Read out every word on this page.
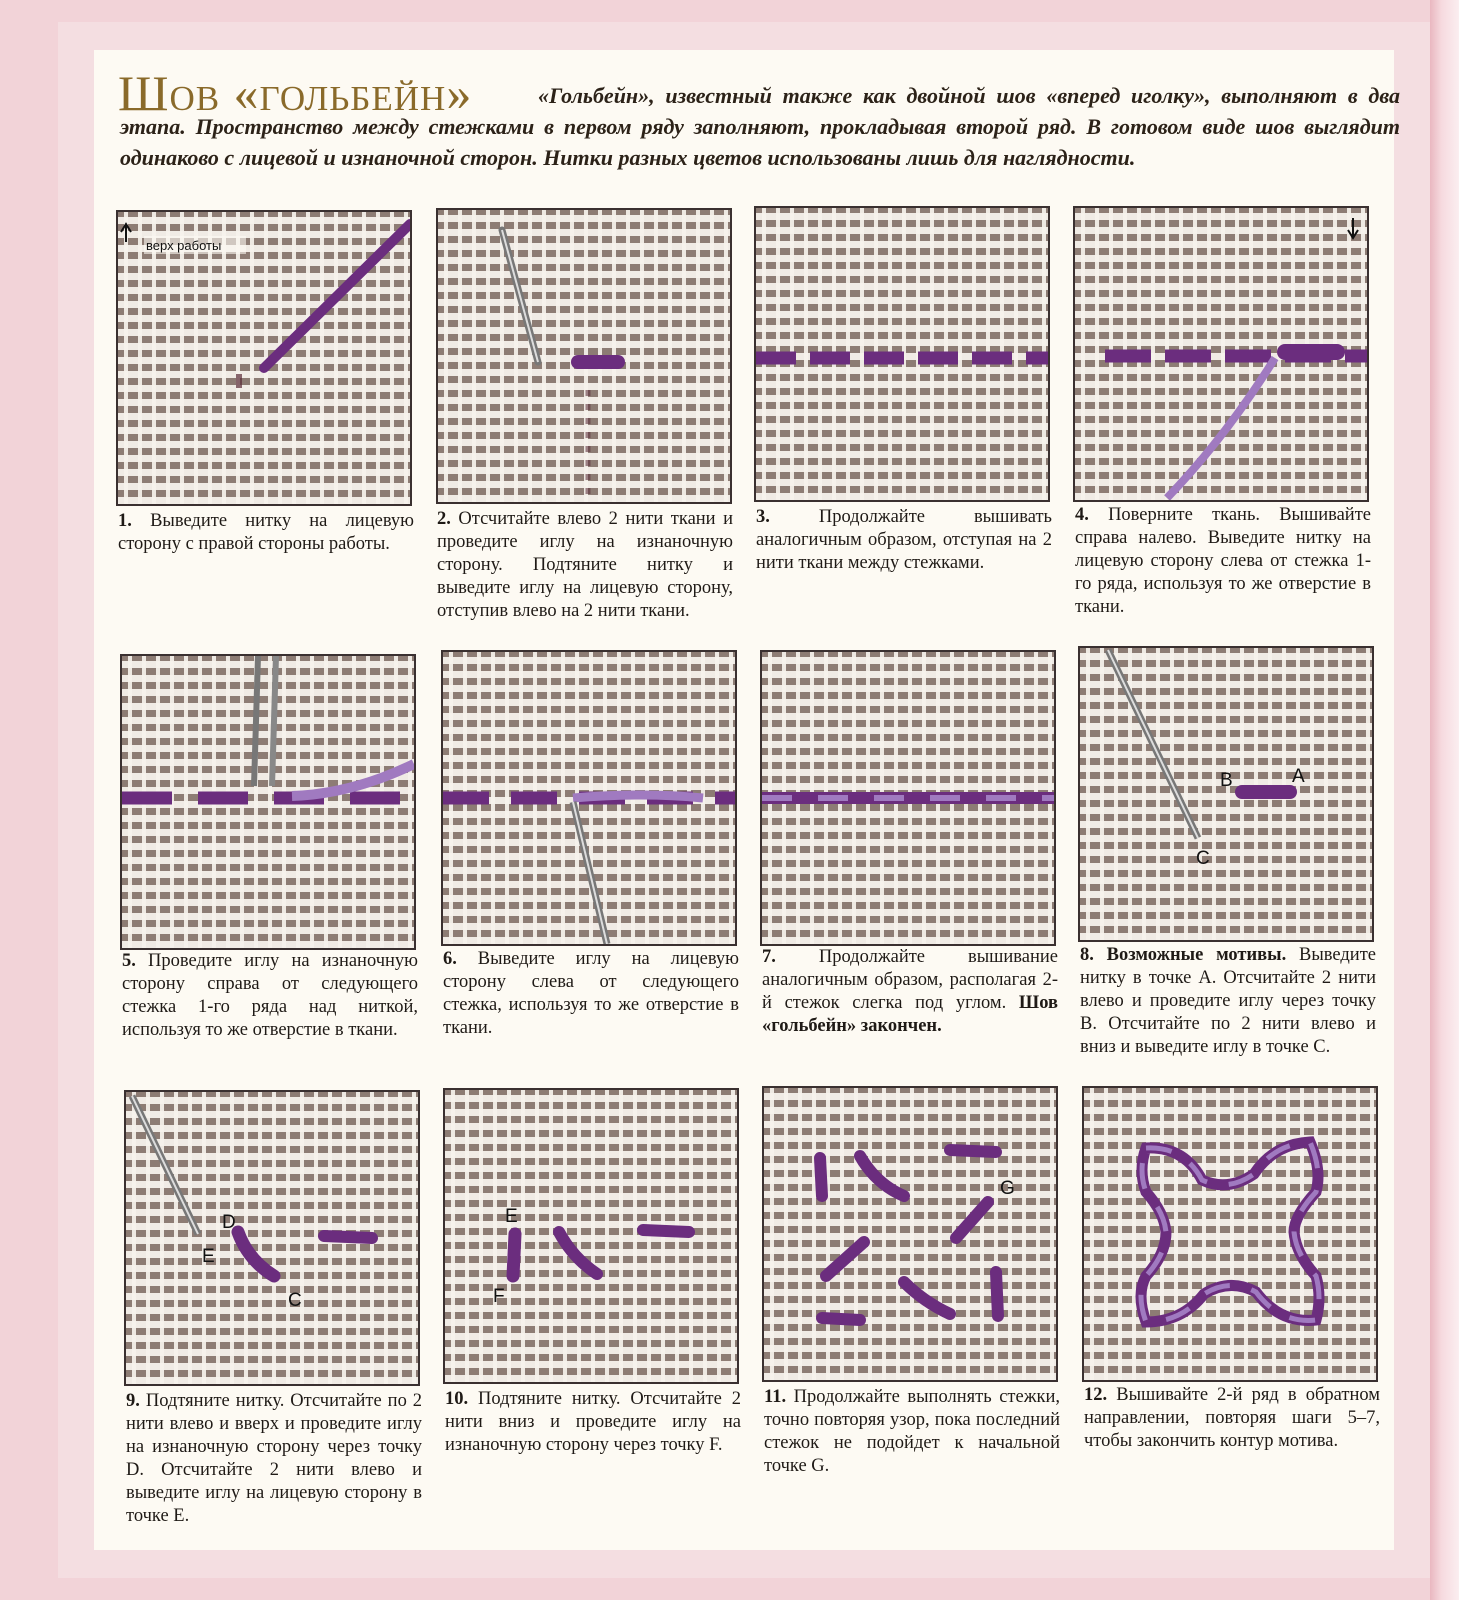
«Гольбейн», известный также как двойной шов «вперед иголку», выполняют в два этапа. Пространство между стежками в первом ряду заполняют, прокладывая второй ряд. В готовом виде шов выглядит одинаково с лицевой и изнаночной сторон. Нитки разных цветов использованы лишь для наглядности.
Шов «гольбейн»
верх работы
1. Выведите нитку на лицевую сторону с правой стороны работы.
2. Отсчитайте влево 2 нити ткани и проведите иглу на изнаночную сторону. Подтяните нитку и выведите иглу на лицевую сторону, отступив влево на 2 нити ткани.
3.	Продолжайте вышивать аналогичным образом, отступая на 2 нити ткани между стежками.
4. Поверните ткань. Вышивайте справа налево. Выведите нитку на лицевую сторону слева от стежка 1-го ряда, используя то же отверстие в ткани.
B	A
C
5. Проведите иглу на изнаночную сторону справа от следующего стежка 1-го ряда над ниткой, используя то же отверстие в ткани.
6. Выведите иглу на лицевую сторону слева от следующего стежка, используя то же отверстие в ткани.
7. Продолжайте вышивание аналогичным образом, располагая 2-й стежок слегка под углом. Шов «гольбейн» закончен.
8. Возможные мотивы. Выведите нитку в точке А. Отсчитайте 2 нити влево и проведите иглу через точку В. Отсчитайте по 2 нити влево и вниз и выведите иглу в точке С.
D
E
C
E
F
G
9. Подтяните нитку. Отсчитайте по 2 нити влево и вверх и проведите иглу на изнаночную сторону через точку D. Отсчитайте 2 нити влево и выведите иглу на лицевую сторону в точке Е.
10. Подтяните нитку. Отсчитайте 2 нити вниз и проведите иглу на изнаночную сторону через точку F.
11. Продолжайте выполнять стежки, точно повторяя узор, пока последний стежок не подойдет к начальной точке G.
12. Вышивайте 2-й ряд в обратном направлении, повторяя шаги 5–7, чтобы закончить контур мотива.
